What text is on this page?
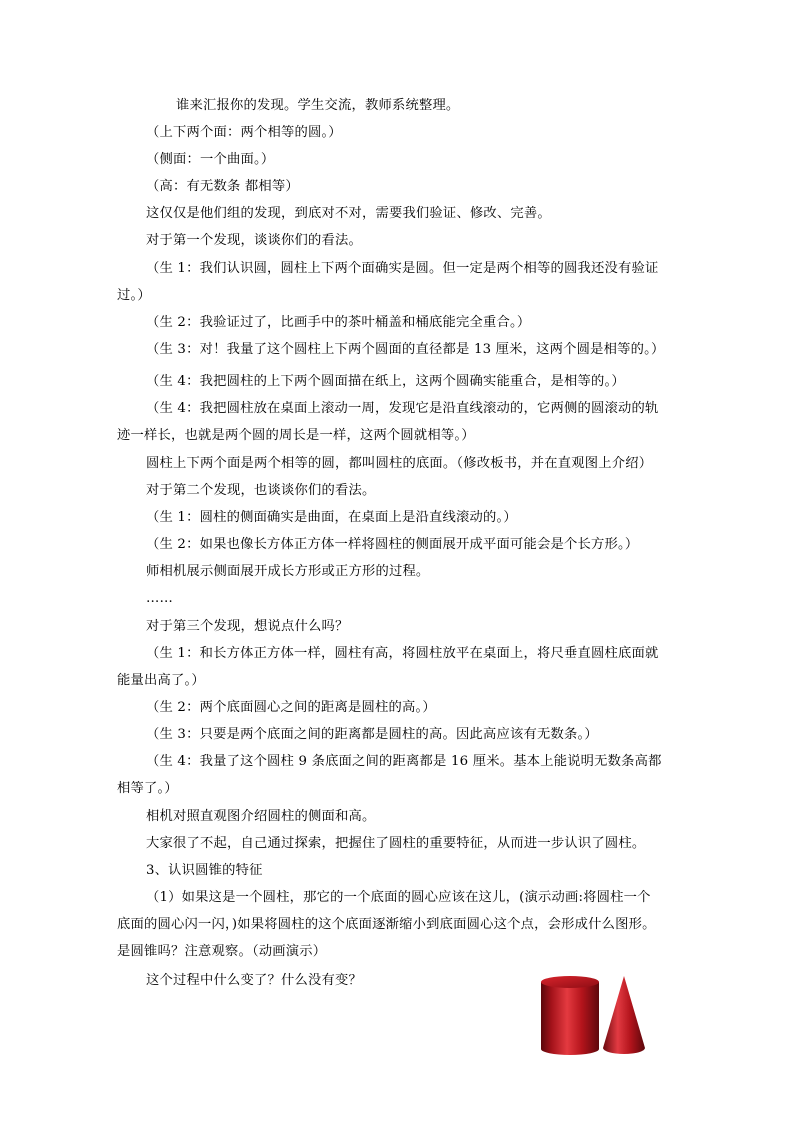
谁来汇报你的发现。学生交流，教师系统整理。
（上下两个面：两个相等的圆。）
（侧面：一个曲面。）
（高：有无数条 都相等）
这仅仅是他们组的发现，到底对不对，需要我们验证、修改、完善。
对于第一个发现，谈谈你们的看法。
（生 1：我们认识圆，圆柱上下两个面确实是圆。但一定是两个相等的圆我还没有验证
过。）
（生 2：我验证过了，比画手中的茶叶桶盖和桶底能完全重合。）
（生 3：对！我量了这个圆柱上下两个圆面的直径都是 13 厘米，这两个圆是相等的。）
（生 4：我把圆柱的上下两个圆面描在纸上，这两个圆确实能重合，是相等的。）
（生 4：我把圆柱放在桌面上滚动一周，发现它是沿直线滚动的，它两侧的圆滚动的轨
迹一样长，也就是两个圆的周长是一样，这两个圆就相等。）
圆柱上下两个面是两个相等的圆，都叫圆柱的底面。（修改板书，并在直观图上介绍）
对于第二个发现，也谈谈你们的看法。
（生 1：圆柱的侧面确实是曲面，在桌面上是沿直线滚动的。）
（生 2：如果也像长方体正方体一样将圆柱的侧面展开成平面可能会是个长方形。）
师相机展示侧面展开成长方形或正方形的过程。
……
对于第三个发现，想说点什么吗？
（生 1：和长方体正方体一样，圆柱有高，将圆柱放平在桌面上，将尺垂直圆柱底面就
能量出高了。）
（生 2：两个底面圆心之间的距离是圆柱的高。）
（生 3：只要是两个底面之间的距离都是圆柱的高。因此高应该有无数条。）
（生 4：我量了这个圆柱 9 条底面之间的距离都是 16 厘米。基本上能说明无数条高都
相等了。）
相机对照直观图介绍圆柱的侧面和高。
大家很了不起，自己通过探索，把握住了圆柱的重要特征，从而进一步认识了圆柱。
3、认识圆锥的特征
（1）如果这是一个圆柱，那它的一个底面的圆心应该在这儿，(演示动画:将圆柱一个
底面的圆心闪一闪，)如果将圆柱的这个底面逐渐缩小到底面圆心这个点，会形成什么图形。
是圆锥吗？注意观察。（动画演示）
这个过程中什么变了？什么没有变？
